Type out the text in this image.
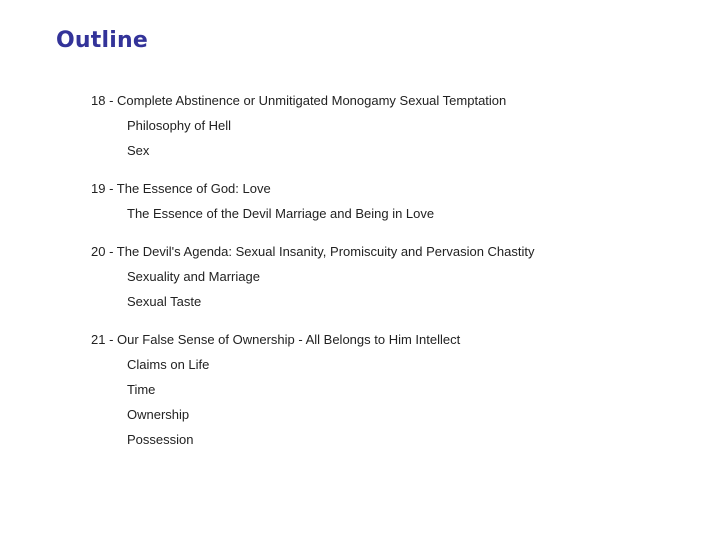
Outline
18 - Complete Abstinence or Unmitigated Monogamy Sexual Temptation
Philosophy of Hell
Sex
19 - The Essence of God: Love
The Essence of the Devil Marriage and Being in Love
20 - The Devil's Agenda: Sexual Insanity, Promiscuity and Pervasion Chastity
Sexuality and Marriage
Sexual Taste
21 - Our False Sense of Ownership - All Belongs to Him Intellect
Claims on Life
Time
Ownership
Possession
